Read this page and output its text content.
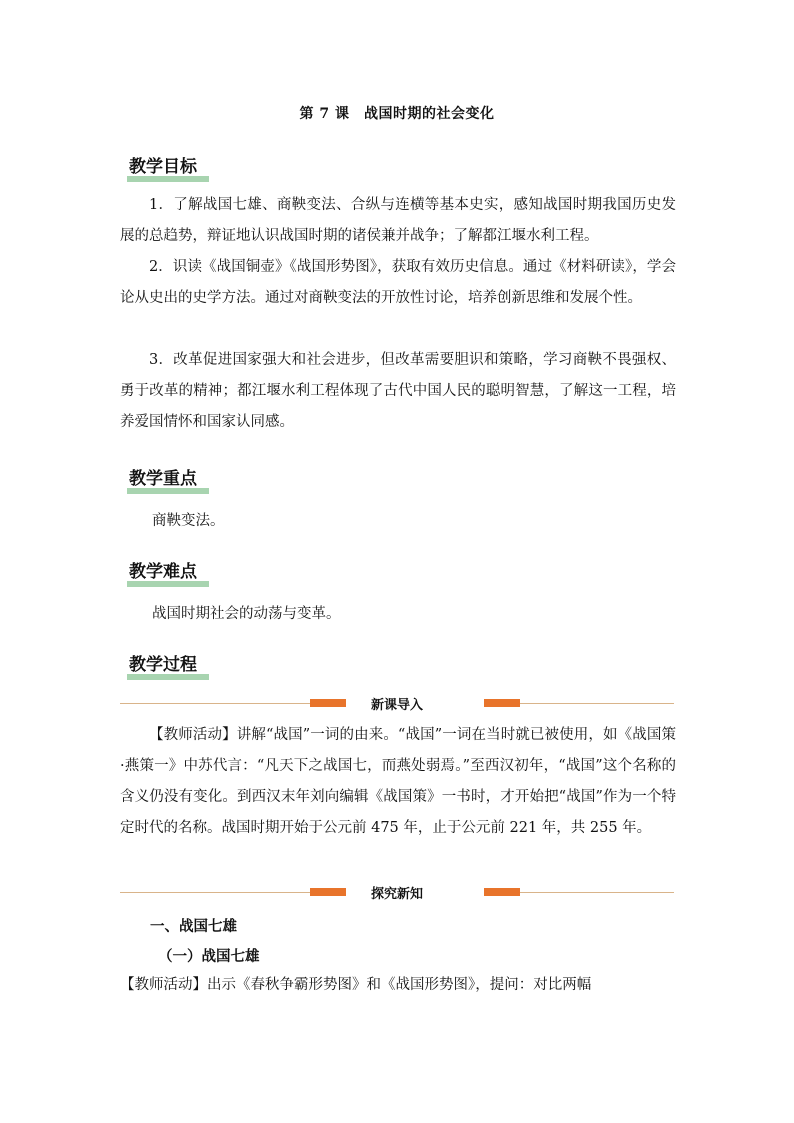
第 7 课　战国时期的社会变化
教学目标

1．了解战国七雄、商鞅变法、合纵与连横等基本史实，感知战国时期我国历史发展的总趋势，辩证地认识战国时期的诸侯兼并战争；了解都江堰水利工程。

2．识读《战国铜壶》《战国形势图》，获取有效历史信息。通过《材料研读》，学会论从史出的史学方法。通过对商鞅变法的开放性讨论，培养创新思维和发展个性。

3．改革促进国家强大和社会进步，但改革需要胆识和策略，学习商鞅不畏强权、勇于改革的精神；都江堰水利工程体现了古代中国人民的聪明智慧，了解这一工程，培养爱国情怀和国家认同感。

教学重点
商鞅变法。
教学难点
战国时期社会的动荡与变革。
教学过程
新课导入

【教师活动】讲解“战国”一词的由来。“战国”一词在当时就已被使用，如《战国策·燕策一》中苏代言：“凡天下之战国七，而燕处弱焉。”至西汉初年，“战国”这个名称的含义仍没有变化。到西汉末年刘向编辑《战国策》一书时，才开始把“战国”作为一个特定时代的名称。战国时期开始于公元前 475 年，止于公元前 221 年，共 255 年。

探究新知
一、战国七雄
（一）战国七雄

【教师活动】出示《春秋争霸形势图》和《战国形势图》，提问：对比两幅
